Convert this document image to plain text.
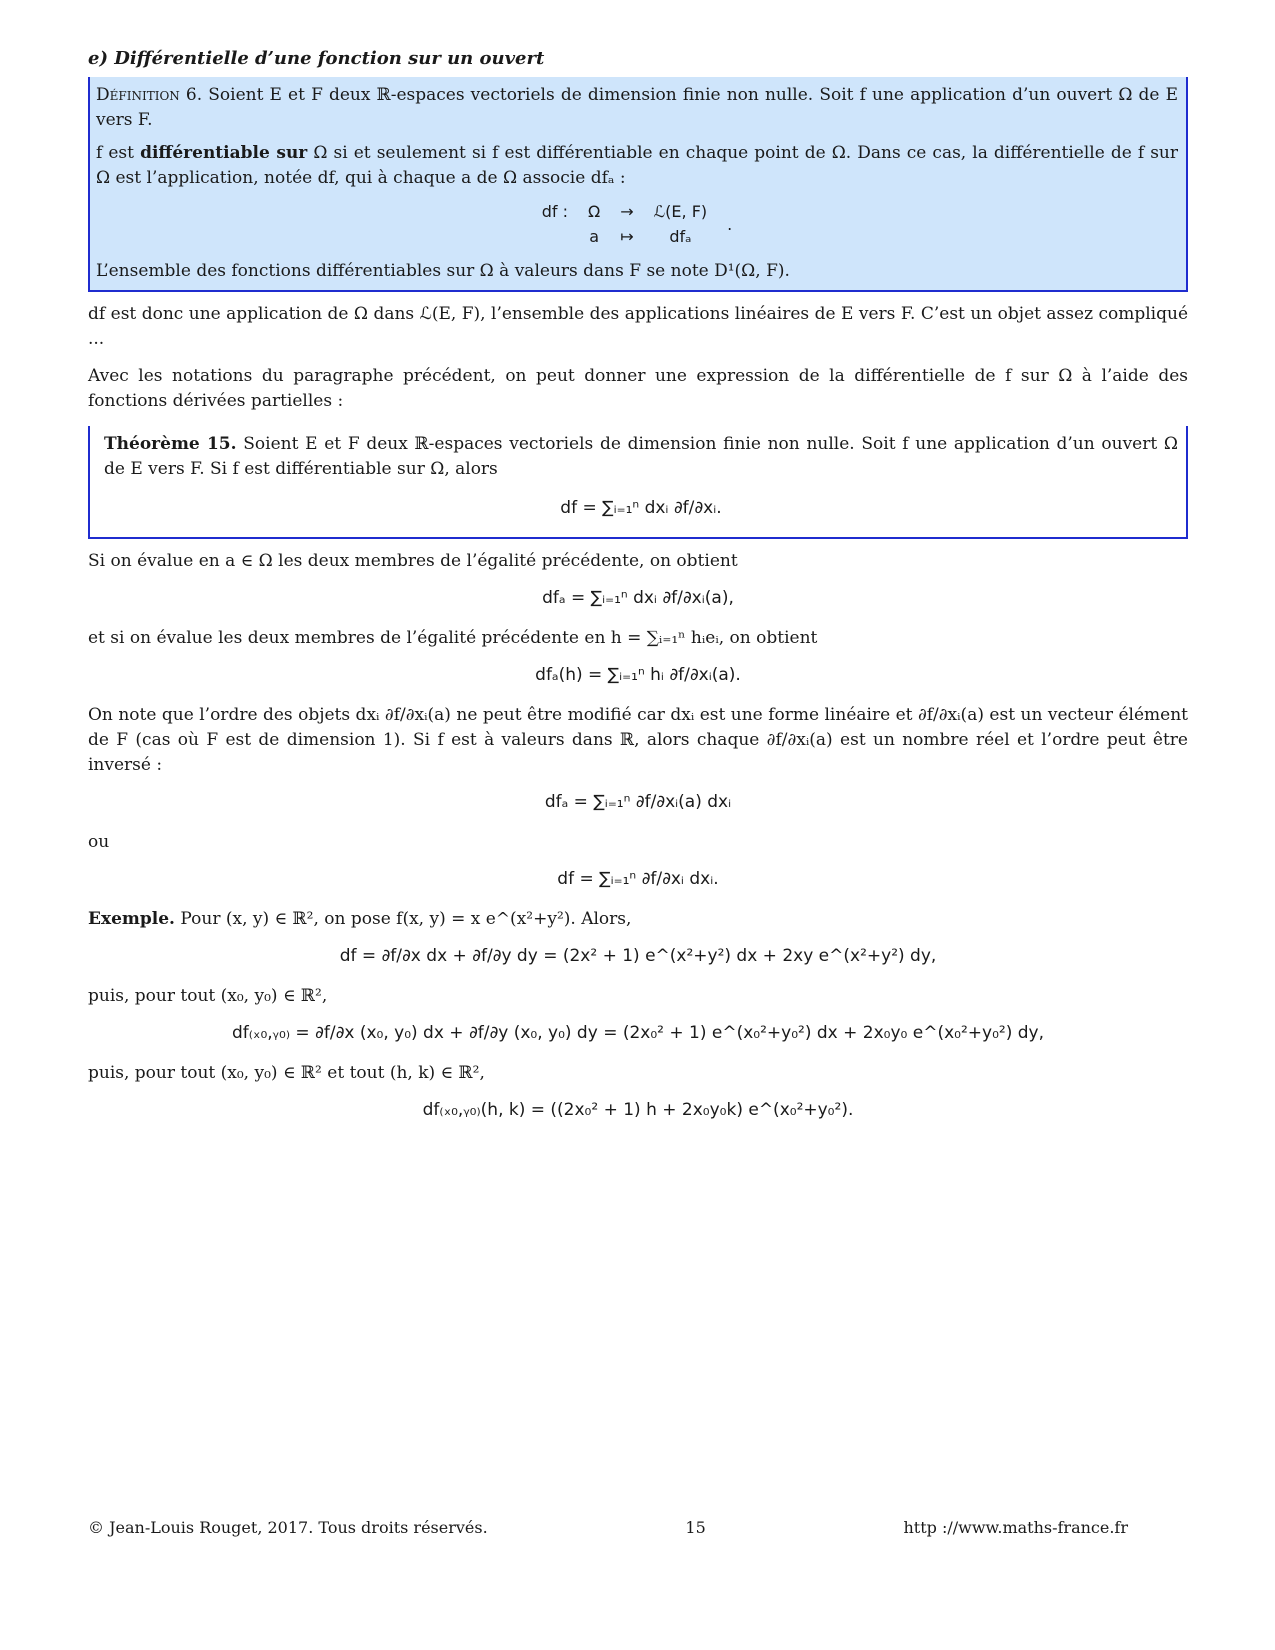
e) Différentielle d’une fonction sur un ouvert

Définition 6. Soient E et F deux ℝ-espaces vectoriels de dimension finie non nulle. Soit f une application d’un ouvert Ω de E vers F.

f est différentiable sur Ω si et seulement si f est différentiable en chaque point de Ω. Dans ce cas, la différentielle de f sur Ω est l’application, notée df, qui à chaque a de Ω associe dfₐ :

df :	Ω	→	ℒ(E, F)	.
	a	↦	dfₐ	

L’ensemble des fonctions différentiables sur Ω à valeurs dans F se note D¹(Ω, F).

df est donc une application de Ω dans ℒ(E, F), l’ensemble des applications linéaires de E vers F. C’est un objet assez compliqué ...

Avec les notations du paragraphe précédent, on peut donner une expression de la différentielle de f sur Ω à l’aide des fonctions dérivées partielles :

Théorème 15. Soient E et F deux ℝ-espaces vectoriels de dimension finie non nulle. Soit f une application d’un ouvert Ω de E vers F. Si f est différentiable sur Ω, alors

df = ∑ᵢ₌₁ⁿ dxᵢ ∂f/∂xᵢ.

Si on évalue en a ∈ Ω les deux membres de l’égalité précédente, on obtient

dfₐ = ∑ᵢ₌₁ⁿ dxᵢ ∂f/∂xᵢ(a),

et si on évalue les deux membres de l’égalité précédente en h = ∑ᵢ₌₁ⁿ hᵢeᵢ, on obtient

dfₐ(h) = ∑ᵢ₌₁ⁿ hᵢ ∂f/∂xᵢ(a).

On note que l’ordre des objets dxᵢ ∂f/∂xᵢ(a) ne peut être modifié car dxᵢ est une forme linéaire et ∂f/∂xᵢ(a) est un vecteur élément de F (cas où F est de dimension 1). Si f est à valeurs dans ℝ, alors chaque ∂f/∂xᵢ(a) est un nombre réel et l’ordre peut être inversé :

dfₐ = ∑ᵢ₌₁ⁿ ∂f/∂xᵢ(a) dxᵢ

ou

df = ∑ᵢ₌₁ⁿ ∂f/∂xᵢ dxᵢ.

Exemple. Pour (x, y) ∈ ℝ², on pose f(x, y) = x e^(x²+y²). Alors,

df = ∂f/∂x dx + ∂f/∂y dy = (2x² + 1) e^(x²+y²) dx + 2xy e^(x²+y²) dy,

puis, pour tout (x₀, y₀) ∈ ℝ²,

df₍ₓ₀,ᵧ₀₎ = ∂f/∂x (x₀, y₀) dx + ∂f/∂y (x₀, y₀) dy = (2x₀² + 1) e^(x₀²+y₀²) dx + 2x₀y₀ e^(x₀²+y₀²) dy,

puis, pour tout (x₀, y₀) ∈ ℝ² et tout (h, k) ∈ ℝ²,

df₍ₓ₀,ᵧ₀₎(h, k) = ((2x₀² + 1) h + 2x₀y₀k) e^(x₀²+y₀²).
© Jean-Louis Rouget, 2017. Tous droits réservés.	15	http ://www.maths-france.fr
